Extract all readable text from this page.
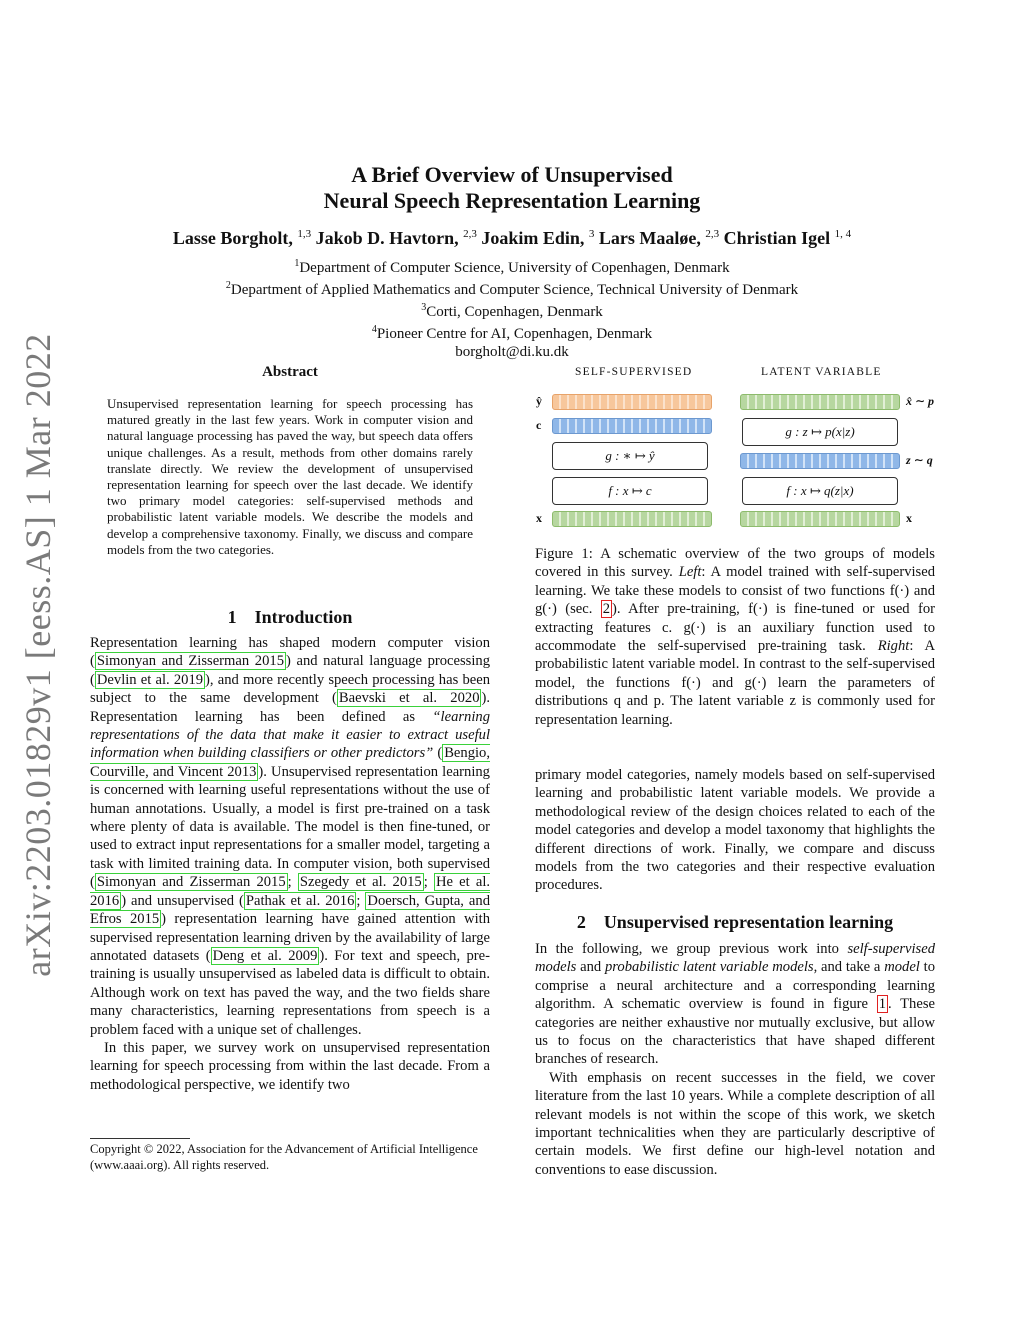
arXiv:2203.01829v1 [eess.AS] 1 Mar 2022
A Brief Overview of Unsupervised
Neural Speech Representation Learning
Lasse Borgholt, $^{1,3}$ Jakob D. Havtorn, $^{2,3}$ Joakim Edin, $^3$ Lars Maaløe, $^{2,3}$ Christian Igel $^{1, 4}$
$^1$Department of Computer Science, University of Copenhagen, Denmark
$^2$Department of Applied Mathematics and Computer Science, Technical University of Denmark
$^3$Corti, Copenhagen, Denmark
$^4$Pioneer Centre for AI, Copenhagen, Denmark
borgholt@di.ku.dk
Abstract
Unsupervised representation learning for speech processing has matured greatly in the last few years. Work in computer vision and natural language processing has paved the way, but speech data offers unique challenges. As a result, methods from other domains rarely translate directly. We review the development of unsupervised representation learning for speech over the last decade. We identify two primary model categories: self-supervised methods and probabilistic latent variable models. We describe the models and develop a comprehensive taxonomy. Finally, we discuss and compare models from the two categories.
1 Introduction

Representation learning has shaped modern computer vision ( Simonyan and Zisserman 2015 ) and natural language processing ( Devlin et al. 2019 ), and more recently speech processing has been subject to the same development ( Baevski et al. 2020 ). Representation learning has been defined as “learning representations of the data that make it easier to extract useful information when building classifiers or other predictors” ( Bengio, Courville, and Vincent 2013 ). Unsupervised representation learning is concerned with learning useful representations without the use of human annotations. Usually, a model is first pre-trained on a task where plenty of data is available. The model is then fine-tuned, or used to extract input representations for a smaller model, targeting a task with limited training data. In computer vision, both supervised ( Simonyan and Zisserman 2015 ; Szegedy et al. 2015 ; He et al. 2016 ) and unsupervised ( Pathak et al. 2016 ; Doersch, Gupta, and Efros 2015 ) representation learning have gained attention with supervised representation learning driven by the availability of large annotated datasets ( Deng et al. 2009 ). For text and speech, pre-training is usually unsupervised as labeled data is difficult to obtain. Although work on text has paved the way, and the two fields share many characteristics, learning representations from speech is a problem faced with a unique set of challenges.

In this paper, we survey work on unsupervised representation learning for speech processing from within the last decade. From a methodological perspective, we identify two

Copyright © 2022, Association for the Advancement of Artificial Intelligence (www.aaai.org). All rights reserved.
SELF-SUPERVISED	LATENT VARIABLE
ŷ
c
x
g : ∗ ↦ ŷ
f : x ↦ c
g : z ↦ p(x|z)
f : x ↦ q(z|x)
x̂ ∼ p
z ∼ q
x
Figure 1: A schematic overview of the two groups of models covered in this survey. Left: A model trained with self-supervised learning. We take these models to consist of two functions f(·) and g(·) (sec. 2 ). After pre-training, f(·) is fine-tuned or used for extracting features c. g(·) is an auxiliary function used to accommodate the self-supervised pre-training task. Right: A probabilistic latent variable model. In contrast to the self-supervised model, the functions f(·) and g(·) learn the parameters of distributions q and p. The latent variable z is commonly used for representation learning.

primary model categories, namely models based on self-supervised learning and probabilistic latent variable models. We provide a methodological review of the design choices related to each of the model categories and develop a model taxonomy that highlights the different directions of work. Finally, we compare and discuss models from the two categories and their respective evaluation procedures.

2 Unsupervised representation learning

In the following, we group previous work into self-supervised models and probabilistic latent variable models, and take a model to comprise a neural architecture and a corresponding learning algorithm. A schematic overview is found in figure 1 . These categories are neither exhaustive nor mutually exclusive, but allow us to focus on the characteristics that have shaped different branches of research.

With emphasis on recent successes in the field, we cover literature from the last 10 years. While a complete description of all relevant models is not within the scope of this work, we sketch important technicalities when they are particularly descriptive of certain models. We first define our high-level notation and conventions to ease discussion.
